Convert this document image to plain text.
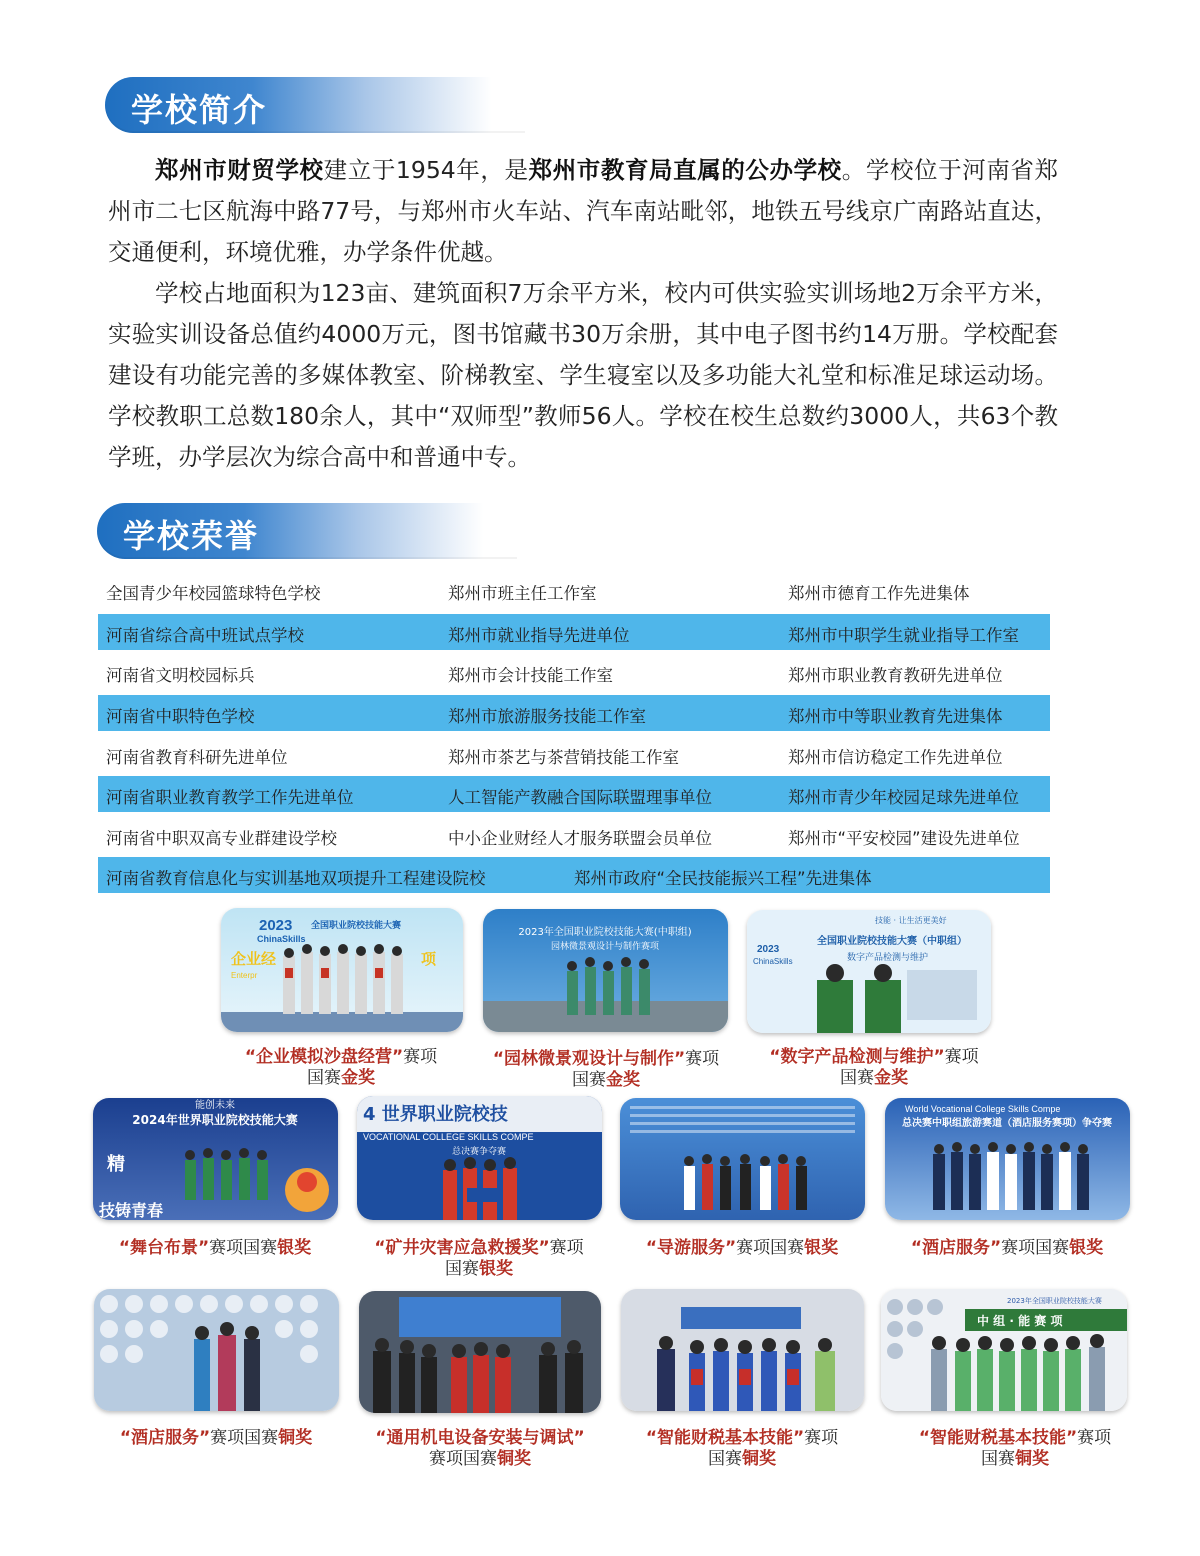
学校简介

郑州市财贸学校建立于1954年，是郑州市教育局直属的公办学校。学校位于河南省郑州市二七区航海中路77号，与郑州市火车站、汽车南站毗邻，地铁五号线京广南路站直达，交通便利，环境优雅，办学条件优越。

学校占地面积为123亩、建筑面积7万余平方米，校内可供实验实训场地2万余平方米，实验实训设备总值约4000万元，图书馆藏书30万余册，其中电子图书约14万册。学校配套建设有功能完善的多媒体教室、阶梯教室、学生寝室以及多功能大礼堂和标准足球运动场。学校教职工总数180余人，其中“双师型”教师56人。学校在校生总数约3000人，共63个教学班，办学层次为综合高中和普通中专。

学校荣誉
全国青少年校园篮球特色学校	郑州市班主任工作室	郑州市德育工作先进集体
河南省综合高中班试点学校	郑州市就业指导先进单位	郑州市中职学生就业指导工作室
河南省文明校园标兵	郑州市会计技能工作室	郑州市职业教育教研先进单位
河南省中职特色学校	郑州市旅游服务技能工作室	郑州市中等职业教育先进集体
河南省教育科研先进单位	郑州市茶艺与茶营销技能工作室	郑州市信访稳定工作先进单位
河南省职业教育教学工作先进单位	人工智能产教融合国际联盟理事单位	郑州市青少年校园足球先进单位
河南省中职双高专业群建设学校	中小企业财经人才服务联盟会员单位	郑州市“平安校园”建设先进单位
河南省教育信息化与实训基地双项提升工程建设院校	郑州市政府“全民技能振兴工程”先进集体
2023
ChinaSkills
全国职业院校技能大赛
企业经	项
Enterpr
2023年全国职业院校技能大赛(中职组)
园林微景观设计与制作赛项
技能 · 让生活更美好
2023
ChinaSkills
全国职业院校技能大赛（中职组）
数字产品检测与维护
“企业模拟沙盘经营”赛项
国赛金奖
“园林微景观设计与制作”赛项
国赛金奖
“数字产品检测与维护”赛项
国赛金奖
能创未来
2024年世界职业院校技能大赛
精
技铸青春
4 世界职业院校技
VOCATIONAL COLLEGE SKILLS COMPE
总决赛争夺赛
World Vocational College Skills Compe
总决赛中职组旅游赛道（酒店服务赛项）争夺赛
“舞台布景”赛项国赛银奖	“矿井灾害应急救援奖”赛项
国赛银奖
“导游服务”赛项国赛银奖	“酒店服务”赛项国赛银奖
2023年全国职业院校技能大赛
中 组 · 能 赛 项
“酒店服务”赛项国赛铜奖	“通用机电设备安装与调试”
赛项国赛铜奖
“智能财税基本技能”赛项
国赛铜奖
“智能财税基本技能”赛项
国赛铜奖
